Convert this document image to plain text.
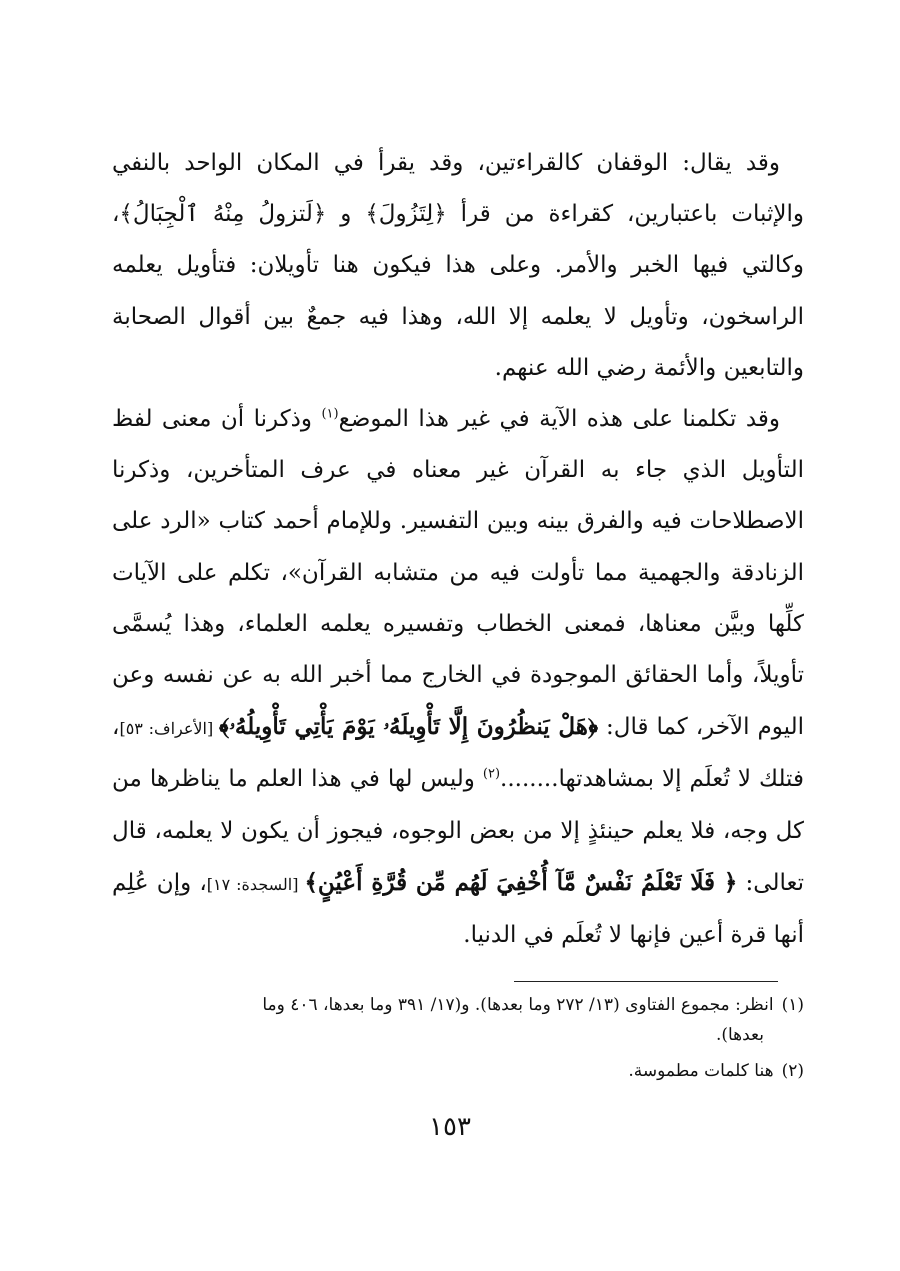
وقد يقال: الوقفان كالقراءتين، وقد يقرأ في المكان الواحد بالنفي والإثبات باعتبارين، كقراءة من قرأ ﴿لِتَزُولَ﴾ و ﴿لَتزولُ مِنْهُ ٱلْجِبَالُ﴾، وكالتي فيها الخبر والأمر. وعلى هذا فيكون هنا تأويلان: فتأويل يعلمه الراسخون، وتأويل لا يعلمه إلا الله، وهذا فيه جمعٌ بين أقوال الصحابة والتابعين والأئمة رضي الله عنهم.

وقد تكلمنا على هذه الآية في غير هذا الموضع$^{(١)}$ وذكرنا أن معنى لفظ التأويل الذي جاء به القرآن غير معناه في عرف المتأخرين، وذكرنا الاصطلاحات فيه والفرق بينه وبين التفسير. وللإمام أحمد كتاب «الرد على الزنادقة والجهمية مما تأولت فيه من متشابه القرآن»، تكلم على الآيات كلِّها وبيَّن معناها، فمعنى الخطاب وتفسيره يعلمه العلماء، وهذا يُسمَّى تأويلاً، وأما الحقائق الموجودة في الخارج مما أخبر الله به عن نفسه وعن اليوم الآخر، كما قال: ﴿هَلْ يَنظُرُونَ إِلَّا تَأْوِيلَهُۥ يَوْمَ يَأْتِي تَأْوِيلُهُۥ﴾ [الأعراف: ٥٣]، فتلك لا تُعلَم إلا بمشاهدتها........$^{(٢)}$ وليس لها في هذا العلم ما يناظرها من كل وجه، فلا يعلم حينئذٍ إلا من بعض الوجوه، فيجوز أن يكون لا يعلمه، قال تعالى: ﴿ فَلَا تَعْلَمُ نَفْسٌ مَّآ أُخْفِيَ لَهُم مِّن قُرَّةِ أَعْيُنٍ﴾ [السجدة: ١٧]، وإن عُلِم أنها قرة أعين فإنها لا تُعلَم في الدنيا.

(١)انظر: مجموع الفتاوى (١٣/ ٢٧٢ وما بعدها). و(١٧/ ٣٩١ وما بعدها، ٤٠٦ وما
بعدها).

(٢)هنا كلمات مطموسة.

١٥٣
